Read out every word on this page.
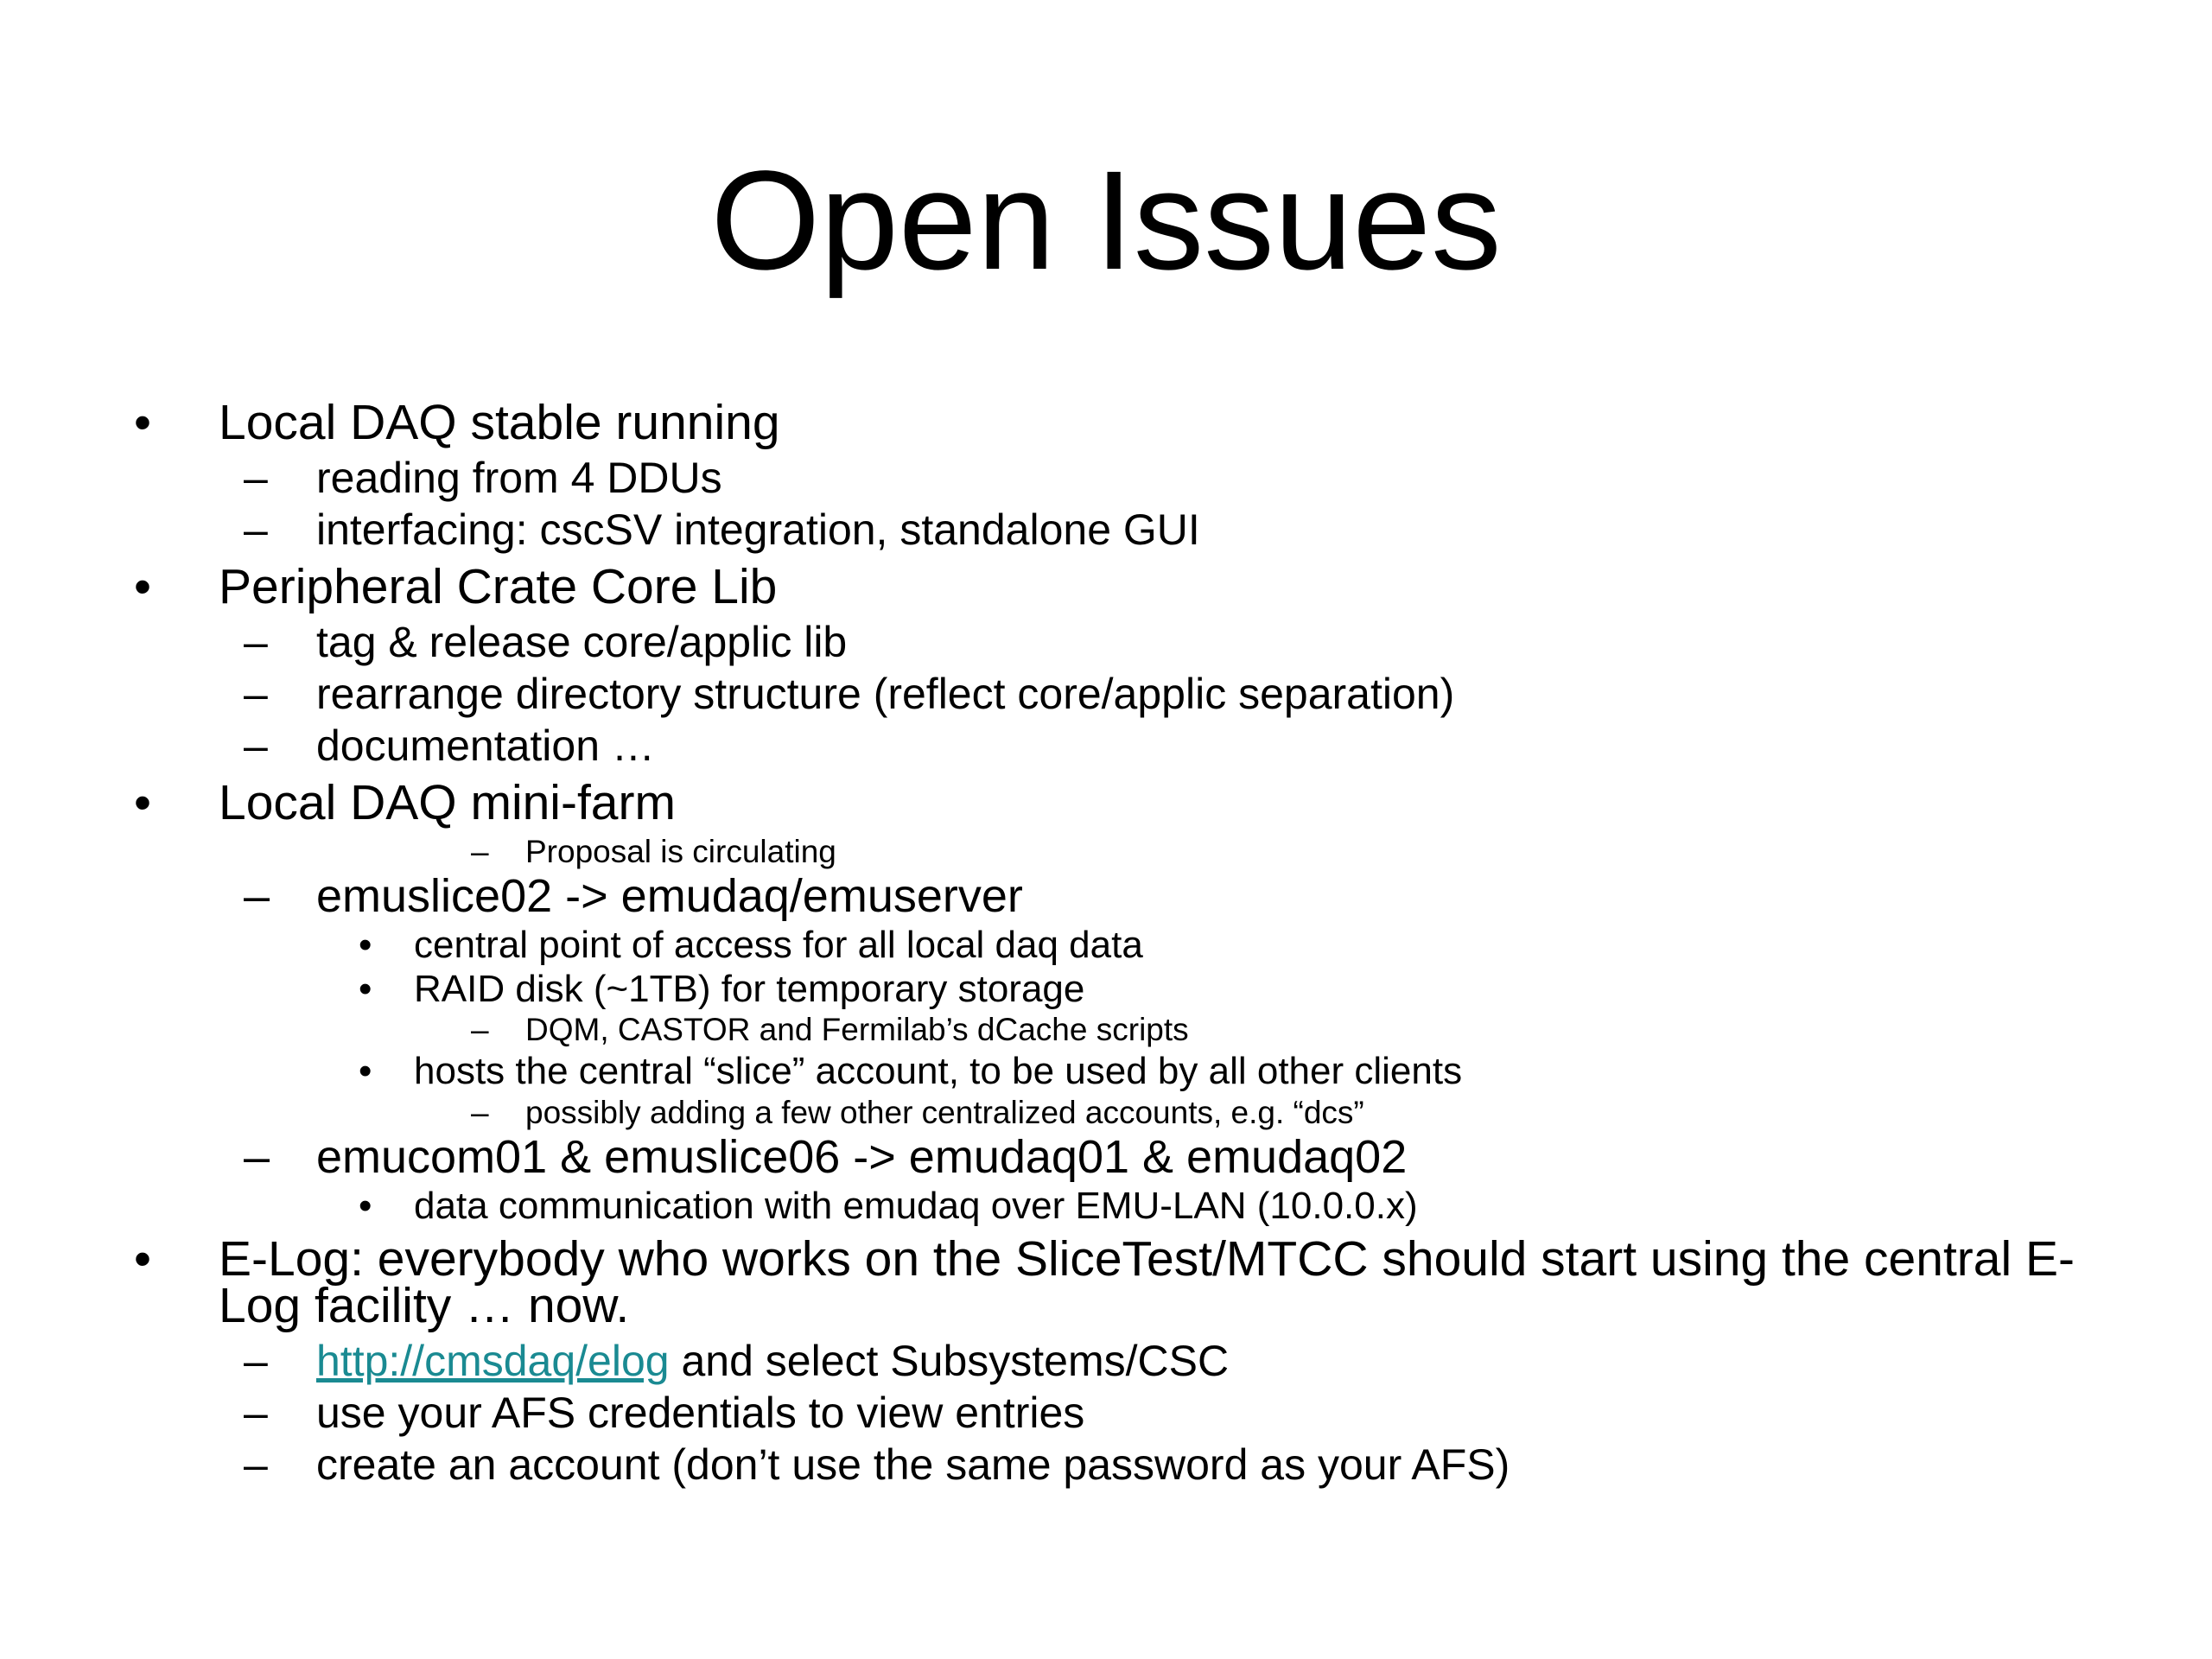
Open Issues
• Local DAQ stable running
– reading from 4 DDUs
– interfacing: cscSV integration, standalone GUI
• Peripheral Crate Core Lib
– tag & release core/applic lib
– rearrange directory structure (reflect core/applic separation)
– documentation …
• Local DAQ mini-farm
– Proposal is circulating
– emuslice02 -> emudaq/emuserver
• central point of access for all local daq data
• RAID disk (~1TB) for temporary storage
– DQM, CASTOR and Fermilab’s dCache scripts
• hosts the central “slice” account, to be used by all other clients
– possibly adding a few other centralized accounts, e.g. “dcs”
– emucom01 & emuslice06 -> emudaq01 & emudaq02
• data communication with emudaq over EMU-LAN (10.0.0.x)
• E-Log: everybody who works on the SliceTest/MTCC should start using the central E-
Log facility … now.
– http://cmsdaq/elog and select Subsystems/CSC
– use your AFS credentials to view entries
– create an account (don’t use the same password as your AFS)
